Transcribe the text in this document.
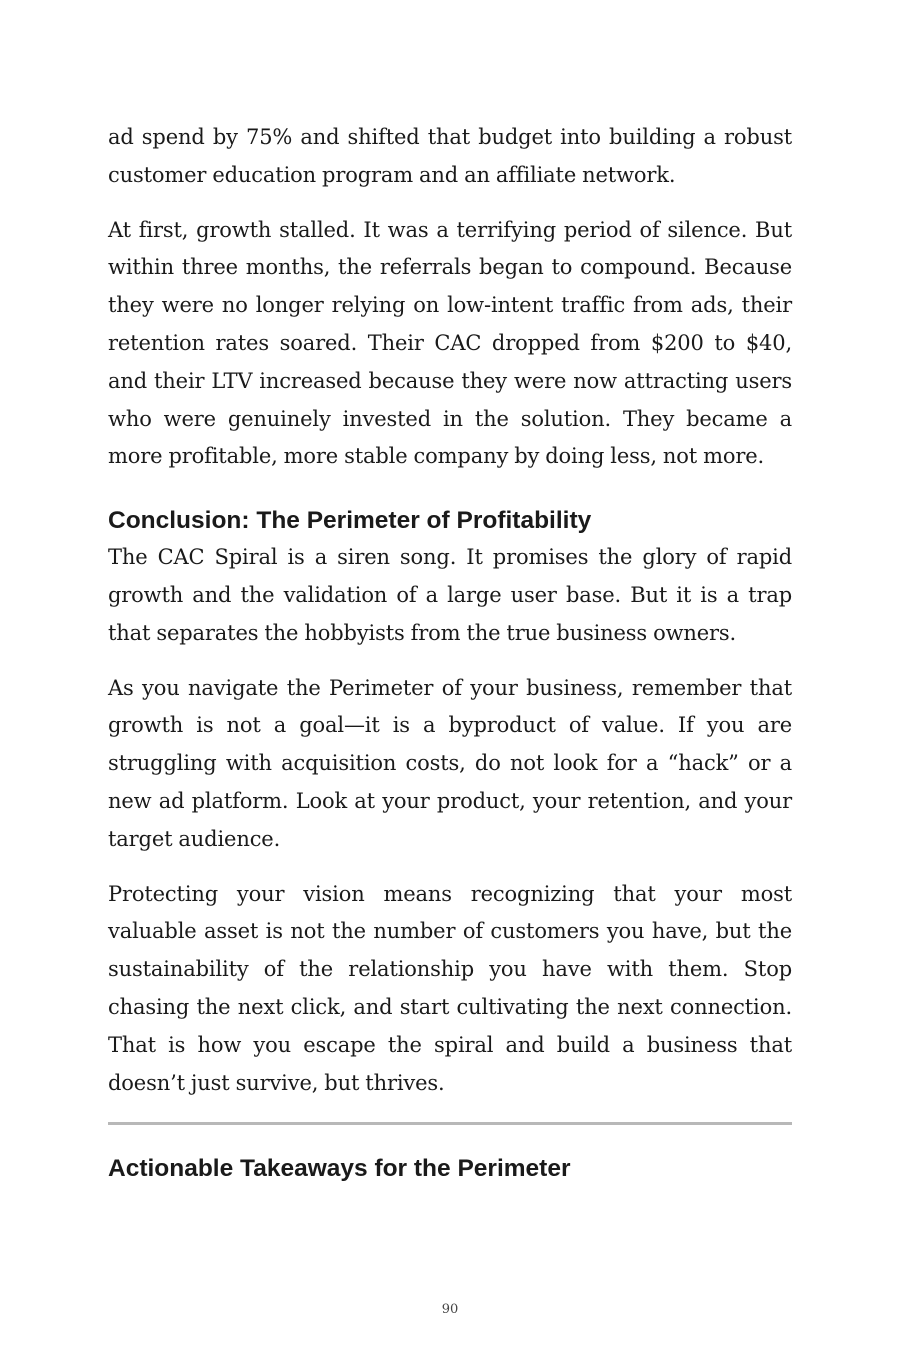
ad spend by 75% and shifted that budget into building a robust customer education program and an affiliate network.

At first, growth stalled. It was a terrifying period of silence. But within three months, the referrals began to compound. Because they were no longer relying on low-intent traffic from ads, their retention rates soared. Their CAC dropped from $200 to $40, and their LTV increased because they were now attracting users who were genuinely invested in the solution. They became a more profitable, more stable company by doing less, not more.

Conclusion: The Perimeter of Profitability

The CAC Spiral is a siren song. It promises the glory of rapid growth and the validation of a large user base. But it is a trap that separates the hobbyists from the true business owners.

As you navigate the Perimeter of your business, remember that growth is not a goal—it is a byproduct of value. If you are struggling with acquisition costs, do not look for a “hack” or a new ad platform. Look at your product, your retention, and your target audience.

Protecting your vision means recognizing that your most valuable asset is not the number of customers you have, but the sustainability of the relationship you have with them. Stop chasing the next click, and start cultivating the next connection. That is how you escape the spiral and build a business that doesn’t just survive, but thrives.

Actionable Takeaways for the Perimeter
90
